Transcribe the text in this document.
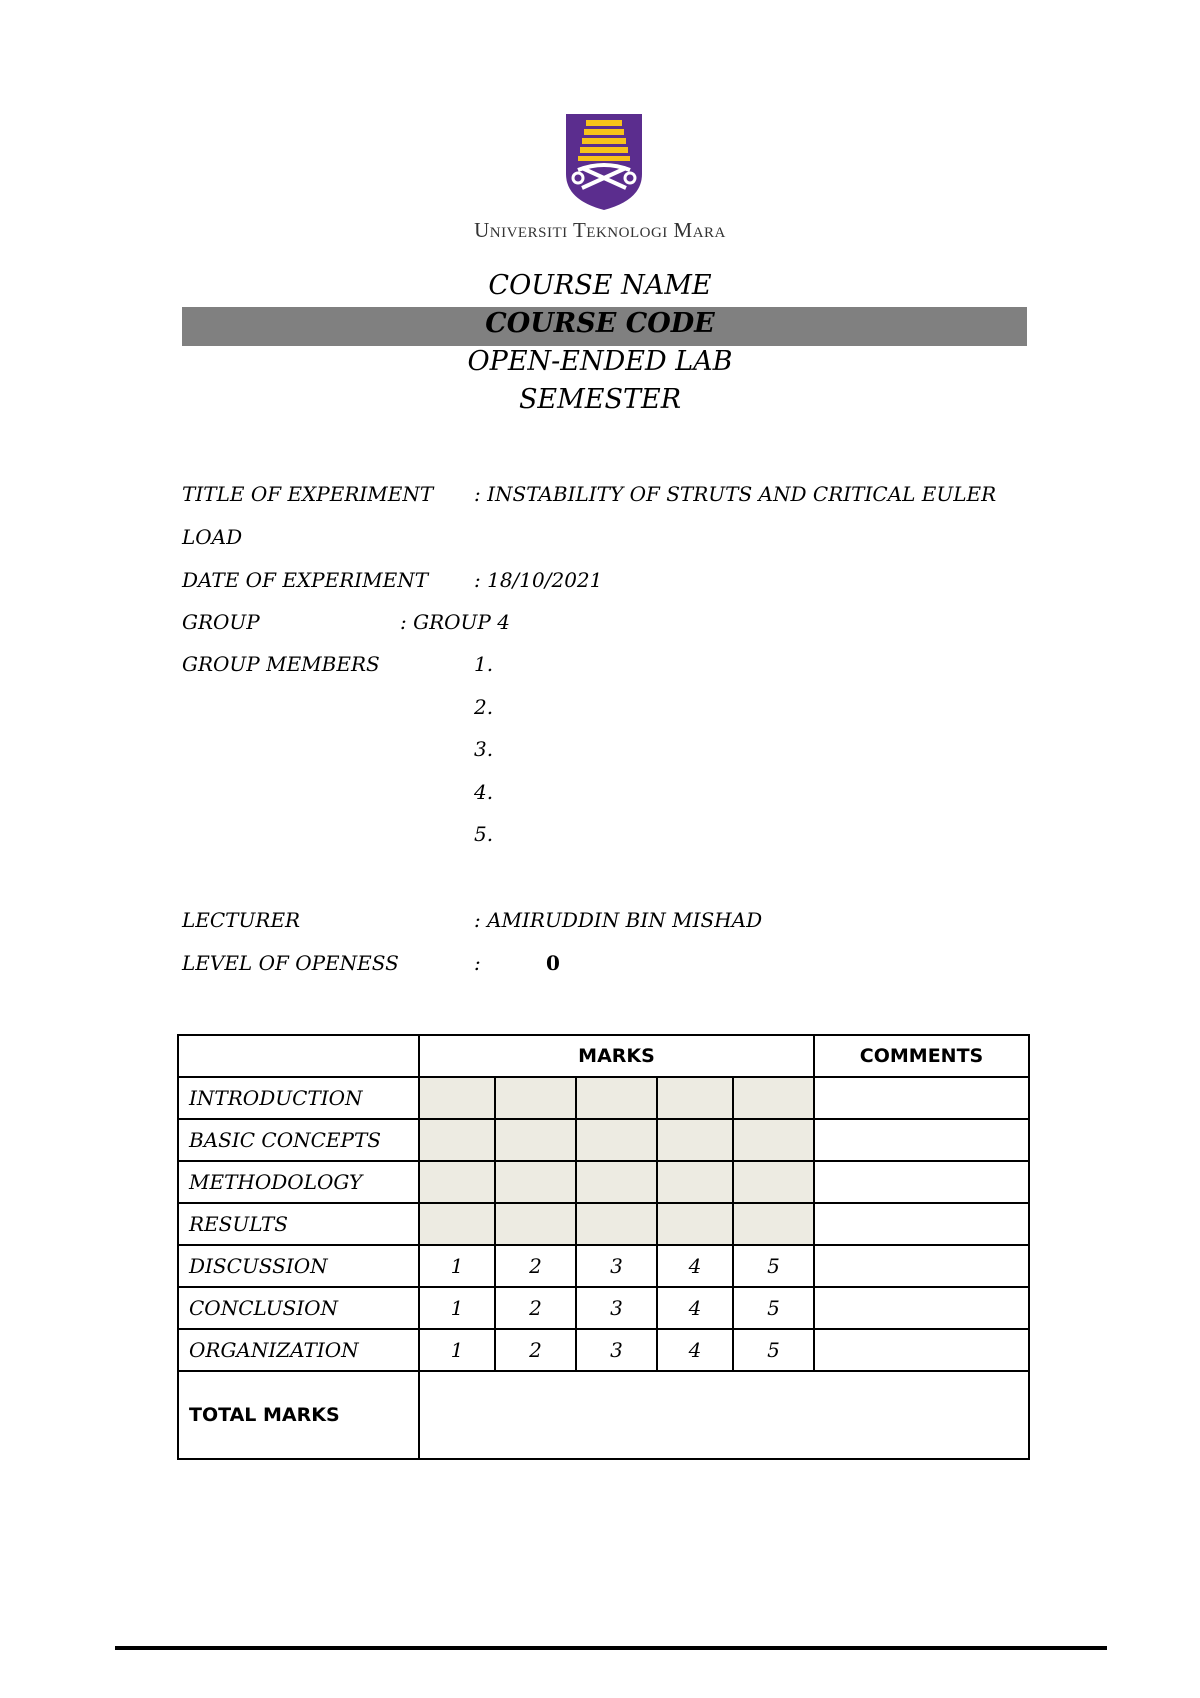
Universiti Teknologi Mara
COURSE NAME
COURSE CODE
OPEN-ENDED LAB
SEMESTER
TITLE OF EXPERIMENT : INSTABILITY OF STRUTS AND CRITICAL EULER
LOAD
DATE OF EXPERIMENT : 18/10/2021
GROUP	: GROUP 4
GROUP MEMBERS	1.
2.
3.
4.
5.
LECTURER	: AMIRUDDIN BIN MISHAD
LEVEL OF OPENESS	:	0
	MARKS					COMMENTS
INTRODUCTION						
BASIC CONCEPTS						
METHODOLOGY						
RESULTS						
DISCUSSION	1	2	3	4	5	
CONCLUSION	1	2	3	4	5	
ORGANIZATION	1	2	3	4	5	
TOTAL MARKS						
